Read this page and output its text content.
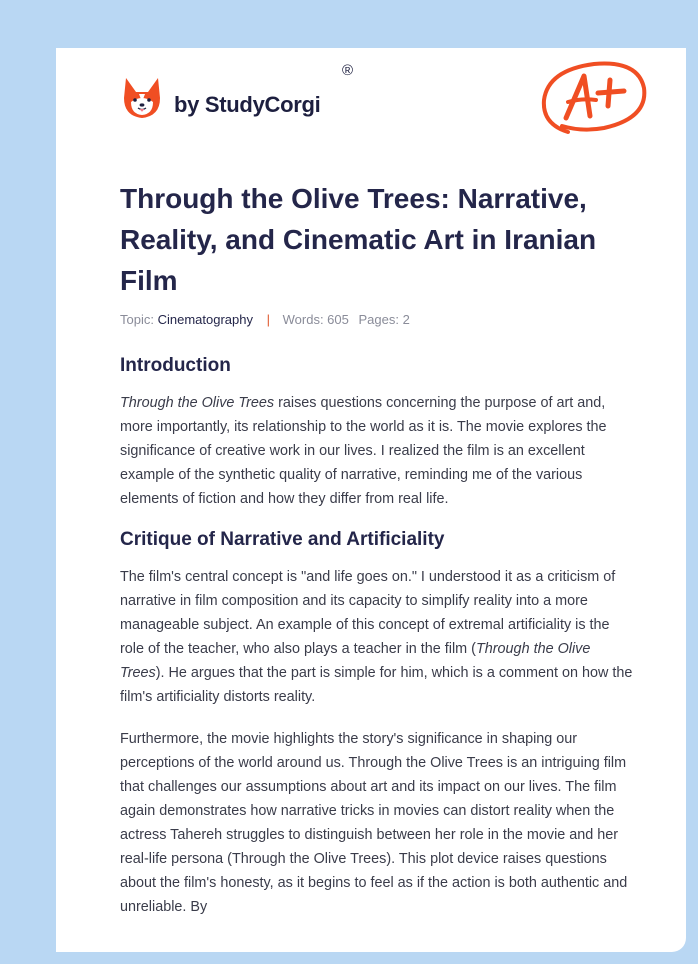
by StudyCorgi
®
Through the Olive Trees: Narrative, Reality, and Cinematic Art in Iranian Film
Topic: Cinematography | Words: 605 Pages: 2
Introduction

Through the Olive Trees raises questions concerning the purpose of art and, more importantly, its relationship to the world as it is. The movie explores the significance of creative work in our lives. I realized the film is an excellent example of the synthetic quality of narrative, reminding me of the various elements of fiction and how they differ from real life.

Critique of Narrative and Artificiality

The film's central concept is "and life goes on." I understood it as a criticism of narrative in film composition and its capacity to simplify reality into a more manageable subject. An example of this concept of extremal artificiality is the role of the teacher, who also plays a teacher in the film (Through the Olive Trees). He argues that the part is simple for him, which is a comment on how the film's artificiality distorts reality.

Furthermore, the movie highlights the story's significance in shaping our perceptions of the world around us. Through the Olive Trees is an intriguing film that challenges our assumptions about art and its impact on our lives. The film again demonstrates how narrative tricks in movies can distort reality when the actress Tahereh struggles to distinguish between her role in the movie and her real-life persona (Through the Olive Trees). This plot device raises questions about the film's honesty, as it begins to feel as if the action is both authentic and unreliable. By
